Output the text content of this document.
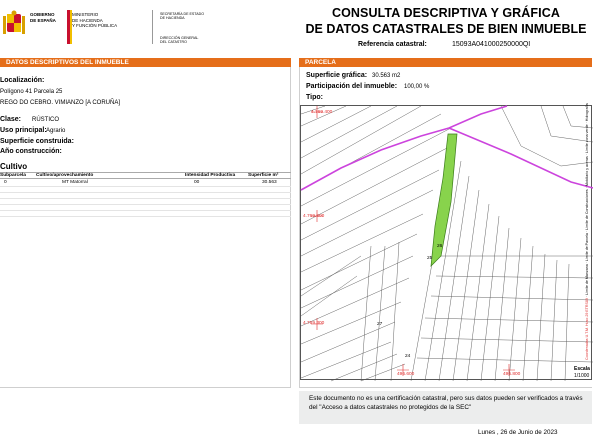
GOBIERNO
DE ESPAÑA
MINISTERIO
DE HACIENDA
Y FUNCIÓN PÚBLICA
SECRETARÍA DE ESTADO
DE HACIENDA
DIRECCIÓN GENERAL
DEL CATASTRO
CONSULTA DESCRIPTIVA Y GRÁFICA
DE DATOS CATASTRALES DE BIEN INMUEBLE
Referencia catastral:	15093A041000250000QI
DATOS DESCRIPTIVOS DEL INMUEBLE
Localización:
Polígono 41 Parcela 25
REGO DO CEBRO. VIMIANZO [A CORUÑA]
Clase: RÚSTICO
Uso principal: Agrario
Superficie construida:
Año construcción:
Cultivo
Subparcela Cultivo/aprovechamiento	Intensidad Productiva	Superficie m²
0	MT Matorral	00	30.563
PARCELA
Superficie gráfica: 30.563 m2
Participación del inmueble: 100,00 %
Tipo:
4.769.600
4.769.300
4.769.400
496.600	496.800
26
25
24
27	Coordenadas U.T.M. Huso 29 ETRS89 · Límite de Manzana · Límite de Parcela · Límite de Construcciones · Mobiliario y aceras · Límite zona verde · Hidrografía
Escala
1/1000
Este documento no es una certificación catastral, pero sus datos pueden ser verificados a través del "Acceso a datos catastrales no protegidos de la SEC"
Lunes , 26 de Junio de 2023
